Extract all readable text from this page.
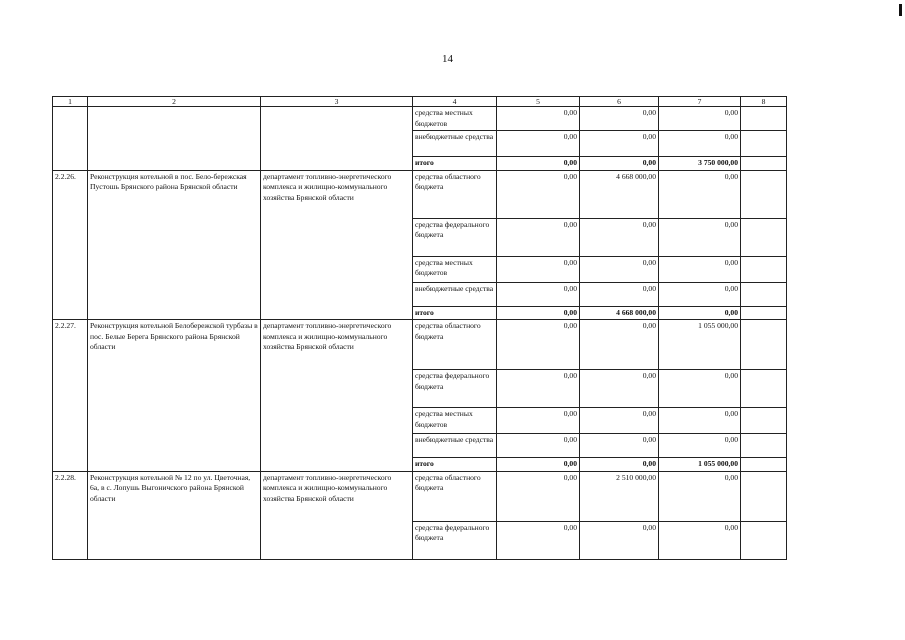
14
1	2	3	4	5	6	7	8
			средства местных бюджетов	0,00	0,00	0,00	
			внебюджетные средства	0,00	0,00	0,00	
			итого	0,00	0,00	3 750 000,00	
2.2.26.	Реконструкция котельной в пос. Бело-бережская Пустошь Брянского района Брянской области	департамент топливно-энергетического комплекса и жилищно-коммунального хозяйства Брянской области	средства областного бюджета	0,00	4 668 000,00	0,00	
			средства федерального бюджета	0,00	0,00	0,00	
			средства местных бюджетов	0,00	0,00	0,00	
			внебюджетные средства	0,00	0,00	0,00	
			итого	0,00	4 668 000,00	0,00	
2.2.27.	Реконструкция котельной Белобережской турбазы в пос. Белые Берега Брянского района Брянской области	департамент топливно-энергетического комплекса и жилищно-коммунального хозяйства Брянской области	средства областного бюджета	0,00	0,00	1 055 000,00	
			средства федерального бюджета	0,00	0,00	0,00	
			средства местных бюджетов	0,00	0,00	0,00	
			внебюджетные средства	0,00	0,00	0,00	
			итого	0,00	0,00	1 055 000,00	
2.2.28.	Реконструкция котельной № 12 по ул. Цветочная, 6а, в с. Лопушь Выгоничского района Брянской области	департамент топливно-энергетического комплекса и жилищно-коммунального хозяйства Брянской области	средства областного бюджета	0,00	2 510 000,00	0,00	
			средства федерального бюджета	0,00	0,00	0,00	
